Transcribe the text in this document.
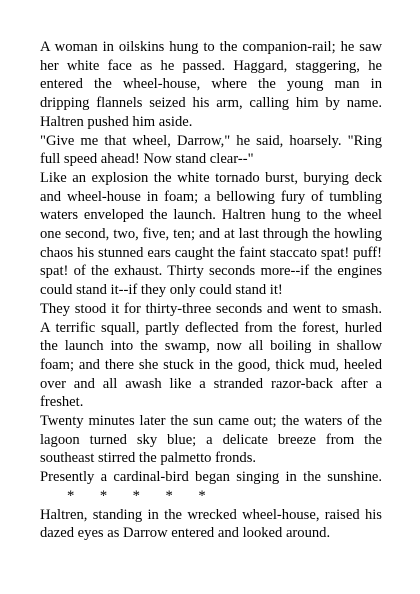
A woman in oilskins hung to the companion-rail; he saw her white face as he passed. Haggard, staggering, he entered the wheel-house, where the young man in dripping flannels seized his arm, calling him by name. Haltren pushed him aside.

"Give me that wheel, Darrow," he said, hoarsely. "Ring full speed ahead! Now stand clear--"

Like an explosion the white tornado burst, burying deck and wheel-house in foam; a bellowing fury of tumbling waters enveloped the launch. Haltren hung to the wheel one second, two, five, ten; and at last through the howling chaos his stunned ears caught the faint staccato spat! puff! spat! of the exhaust. Thirty seconds more--if the engines could stand it--if they only could stand it!

They stood it for thirty-three seconds and went to smash. A terrific squall, partly deflected from the forest, hurled the launch into the swamp, now all boiling in shallow foam; and there she stuck in the good, thick mud, heeled over and all awash like a stranded razor-back after a freshet.

Twenty minutes later the sun came out; the waters of the lagoon turned sky blue; a delicate breeze from the southeast stirred the palmetto fronds.

Presently a cardinal-bird began singing in the sunshine.

*       *       *       *       *

Haltren, standing in the wrecked wheel-house, raised his dazed eyes as Darrow entered and looked around.
